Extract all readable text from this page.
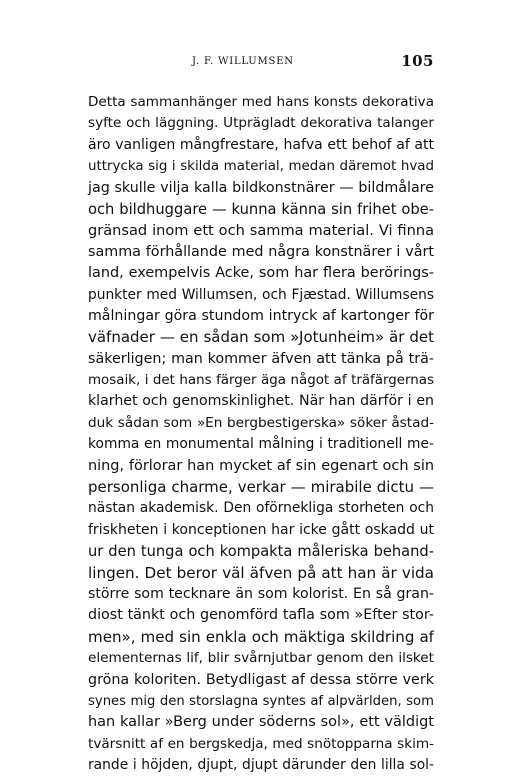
J. F. WILLUMSEN	105
Detta sammanhänger med hans konsts dekorativa
syfte och läggning. Utprägladt dekorativa talanger
äro vanligen mångfrestare, hafva ett behof af att
uttrycka sig i skilda material, medan däremot hvad
jag skulle vilja kalla bildkonstnärer — bildmålare
och bildhuggare — kunna känna sin frihet obe-
gränsad inom ett och samma material. Vi finna
samma förhållande med några konstnärer i vårt
land, exempelvis Acke, som har flera berörings-
punkter med Willumsen, och Fjæstad. Willumsens
målningar göra stundom intryck af kartonger för
väfnader — en sådan som »Jotunheim» är det
säkerligen; man kommer äfven att tänka på trä-
mosaik, i det hans färger äga något af träfärgernas
klarhet och genomskinlighet. När han därför i en
duk sådan som »En bergbestigerska» söker åstad-
komma en monumental målning i traditionell me-
ning, förlorar han mycket af sin egenart och sin
personliga charme, verkar — mirabile dictu —
nästan akademisk. Den oförnekliga storheten och
friskheten i konceptionen har icke gått oskadd ut
ur den tunga och kompakta måleriska behand-
lingen. Det beror väl äfven på att han är vida
större som tecknare än som kolorist. En så gran-
diost tänkt och genomförd tafla som »Efter stor-
men», med sin enkla och mäktiga skildring af
elementernas lif, blir svårnjutbar genom den ilsket
gröna koloriten. Betydligast af dessa större verk
synes mig den storslagna syntes af alpvärlden, som
han kallar »Berg under söderns sol», ett väldigt
tvärsnitt af en bergskedja, med snötopparna skim-
rande i höjden, djupt, djupt därunder den lilla sol-
